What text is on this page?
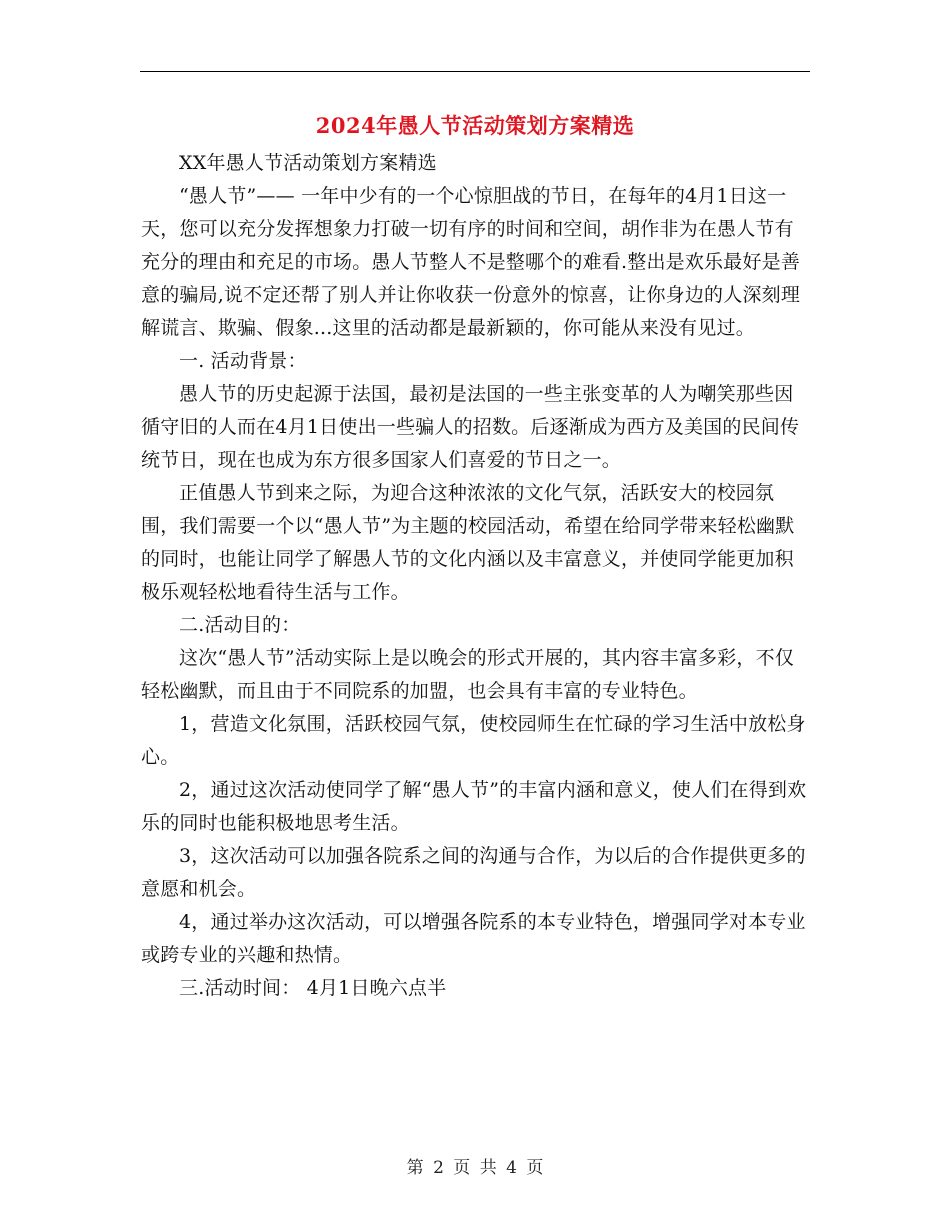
2024年愚人节活动策划方案精选

XX年愚人节活动策划方案精选

“愚人节”—— 一年中少有的一个心惊胆战的节日，在每年的4月1日这一天，您可以充分发挥想象力打破一切有序的时间和空间，胡作非为在愚人节有充分的理由和充足的市场。愚人节整人不是整哪个的难看.整出是欢乐最好是善意的骗局,说不定还帮了别人并让你收获一份意外的惊喜，让你身边的人深刻理解谎言、欺骗、假象...这里的活动都是最新颖的，你可能从来没有见过。

一. 活动背景：

愚人节的历史起源于法国，最初是法国的一些主张变革的人为嘲笑那些因循守旧的人而在4月1日使出一些骗人的招数。后逐渐成为西方及美国的民间传统节日，现在也成为东方很多国家人们喜爱的节日之一。

正值愚人节到来之际，为迎合这种浓浓的文化气氛，活跃安大的校园氛围，我们需要一个以“愚人节”为主题的校园活动，希望在给同学带来轻松幽默的同时，也能让同学了解愚人节的文化内涵以及丰富意义，并使同学能更加积极乐观轻松地看待生活与工作。

二.活动目的：

这次“愚人节”活动实际上是以晚会的形式开展的，其内容丰富多彩，不仅轻松幽默，而且由于不同院系的加盟，也会具有丰富的专业特色。

1，营造文化氛围，活跃校园气氛，使校园师生在忙碌的学习生活中放松身心。

2，通过这次活动使同学了解“愚人节”的丰富内涵和意义，使人们在得到欢乐的同时也能积极地思考生活。

3，这次活动可以加强各院系之间的沟通与合作，为以后的合作提供更多的意愿和机会。

4，通过举办这次活动，可以增强各院系的本专业特色，增强同学对本专业或跨专业的兴趣和热情。

三.活动时间： 4月1日晚六点半

第 2 页 共 4 页
